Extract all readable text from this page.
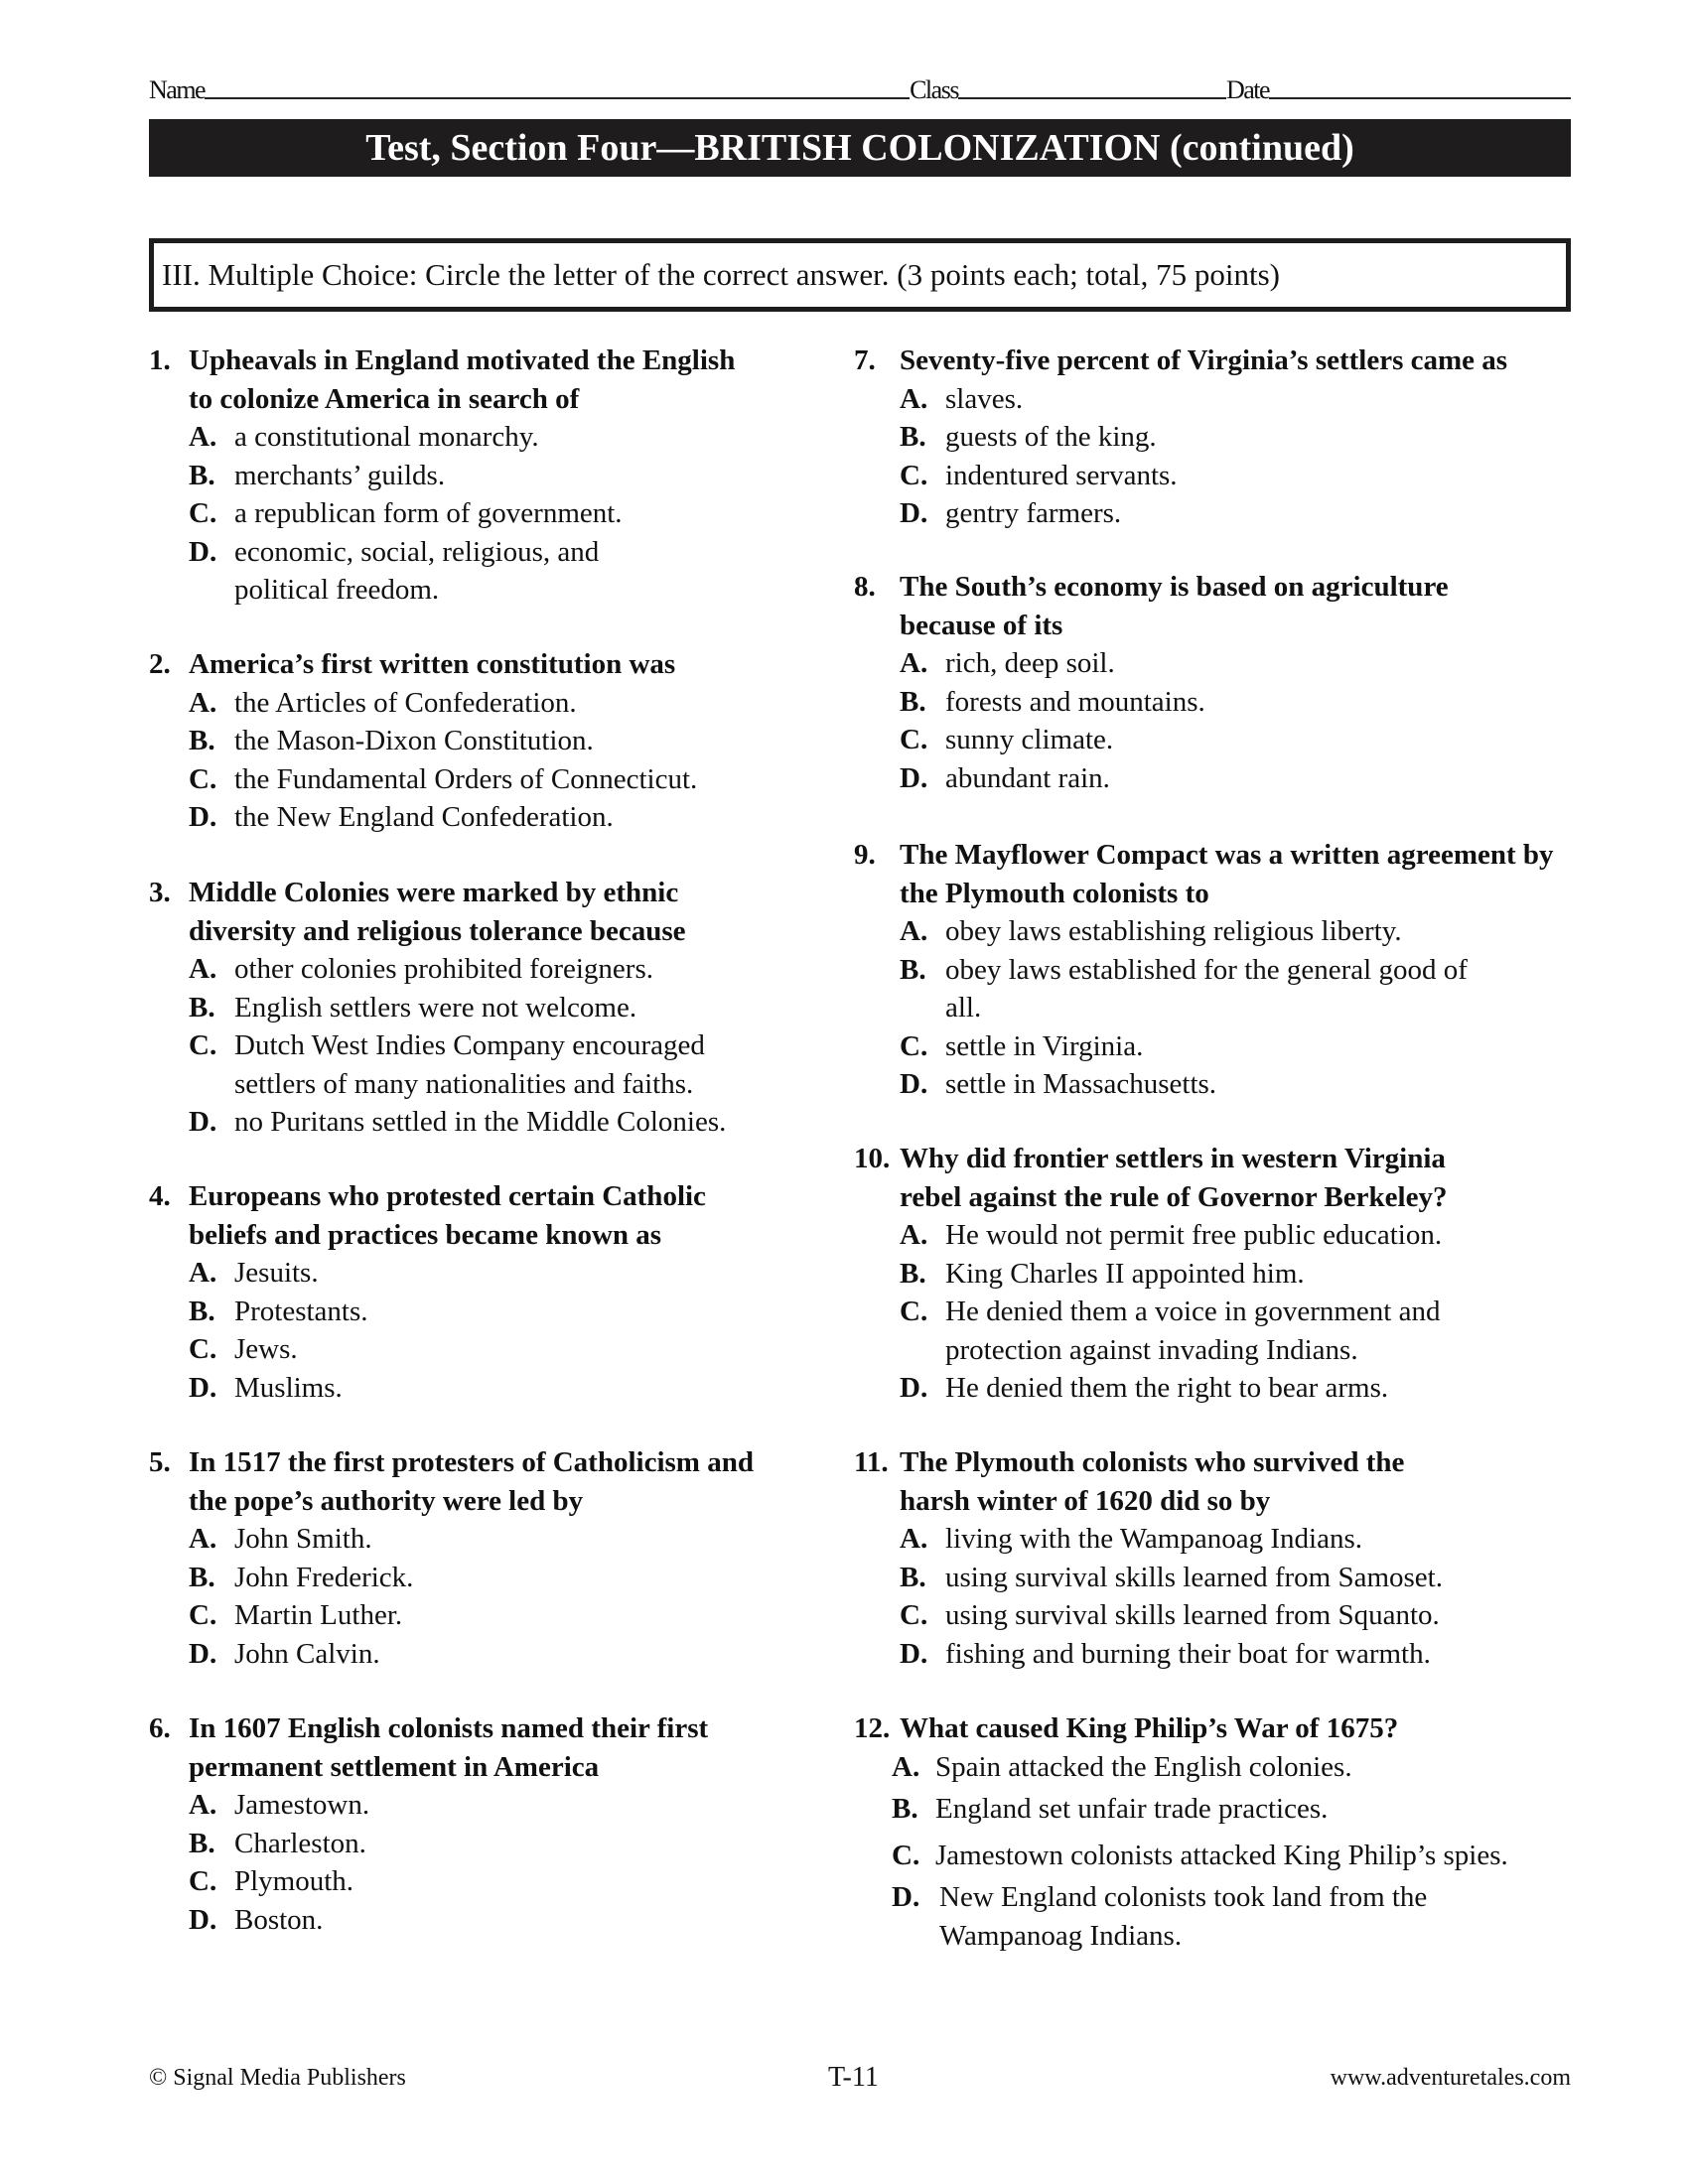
Name	Class	Date
Test, Section Four—BRITISH COLONIZATION (continued)
III. Multiple Choice: Circle the letter of the correct answer. (3 points each; total, 75 points)
1. Upheavals in England motivated the English to colonize America in search of
A. a constitutional monarchy.
B. merchants’ guilds.
C. a republican form of government.
D. economic, social, religious, and political freedom.
2. America’s first written constitution was
A. the Articles of Confederation.
B. the Mason-Dixon Constitution.
C. the Fundamental Orders of Connecticut.
D. the New England Confederation.
3. Middle Colonies were marked by ethnic diversity and religious tolerance because
A. other colonies prohibited foreigners.
B. English settlers were not welcome.
C. Dutch West Indies Company encouraged settlers of many nationalities and faiths.
D. no Puritans settled in the Middle Colonies.
4. Europeans who protested certain Catholic beliefs and practices became known as
A. Jesuits.
B. Protestants.
C. Jews.
D. Muslims.
5. In 1517 the first protesters of Catholicism and the pope’s authority were led by
A. John Smith.
B. John Frederick.
C. Martin Luther.
D. John Calvin.
6. In 1607 English colonists named their first permanent settlement in America
A. Jamestown.
B. Charleston.
C. Plymouth.
D. Boston.
7. Seventy-five percent of Virginia’s settlers came as
A. slaves.
B. guests of the king.
C. indentured servants.
D. gentry farmers.
8. The South’s economy is based on agriculture because of its
A. rich, deep soil.
B. forests and mountains.
C. sunny climate.
D. abundant rain.
9. The Mayflower Compact was a written agreement by the Plymouth colonists to
A. obey laws establishing religious liberty.
B. obey laws established for the general good of all.
C. settle in Virginia.
D. settle in Massachusetts.
10. Why did frontier settlers in western Virginia rebel against the rule of Governor Berkeley?
A. He would not permit free public education.
B. King Charles II appointed him.
C. He denied them a voice in government and protection against invading Indians.
D. He denied them the right to bear arms.
11. The Plymouth colonists who survived the harsh winter of 1620 did so by
A. living with the Wampanoag Indians.
B. using survival skills learned from Samoset.
C. using survival skills learned from Squanto.
D. fishing and burning their boat for warmth.
12. What caused King Philip’s War of 1675?
A. Spain attacked the English colonies.
B. England set unfair trade practices.
C. Jamestown colonists attacked King Philip’s spies.
D. New England colonists took land from the Wampanoag Indians.
© Signal Media Publishers	T-11	www.adventuretales.com
